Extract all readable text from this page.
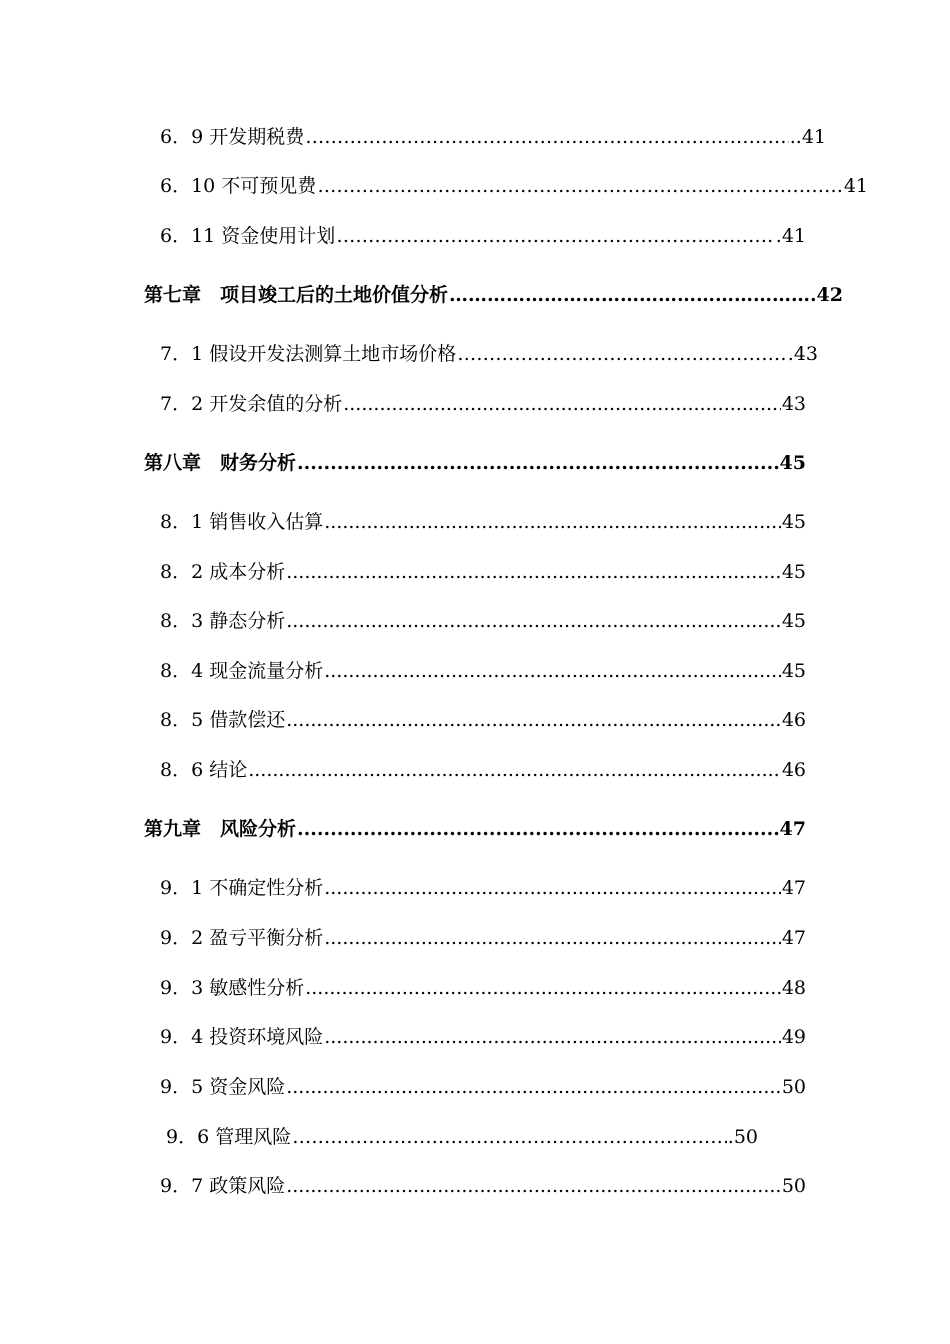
6．9 开发期税费 ……………………………………………………………………………………………………………………………………	..41
6．10 不可预见费 ……………………………………………………………………………………………………………………………………	41
6．11 资金使用计划 ……………………………………………………………………………………………………………………………………	.41
第七章　项目竣工后的土地价值分析 ……………………………………………………………………………………………………………………………………	.42
7．1 假设开发法测算土地市场价格 ……………………………………………………………………………………………………………………………………	.43
7．2 开发余值的分析 .....	43
第八章　财务分析 .....	45
8．1 销售收入估算 .....	45
8．2 成本分析 .....	45
8．3 静态分析 .....	45
8．4 现金流量分析 .....	45
8．5 借款偿还 .....	46
8．6 结论 .....	46
第九章　风险分析 .....	47
9．1 不确定性分析 .....	47
9．2 盈亏平衡分析 .....	47
9．3 敏感性分析 .....	48
9．4 投资环境风险 .....	49
9．5 资金风险 .....	50
9．6 管理风险 ……………………………………………………………………………………………………………………………………	.50
9．7 政策风险 .....	50
